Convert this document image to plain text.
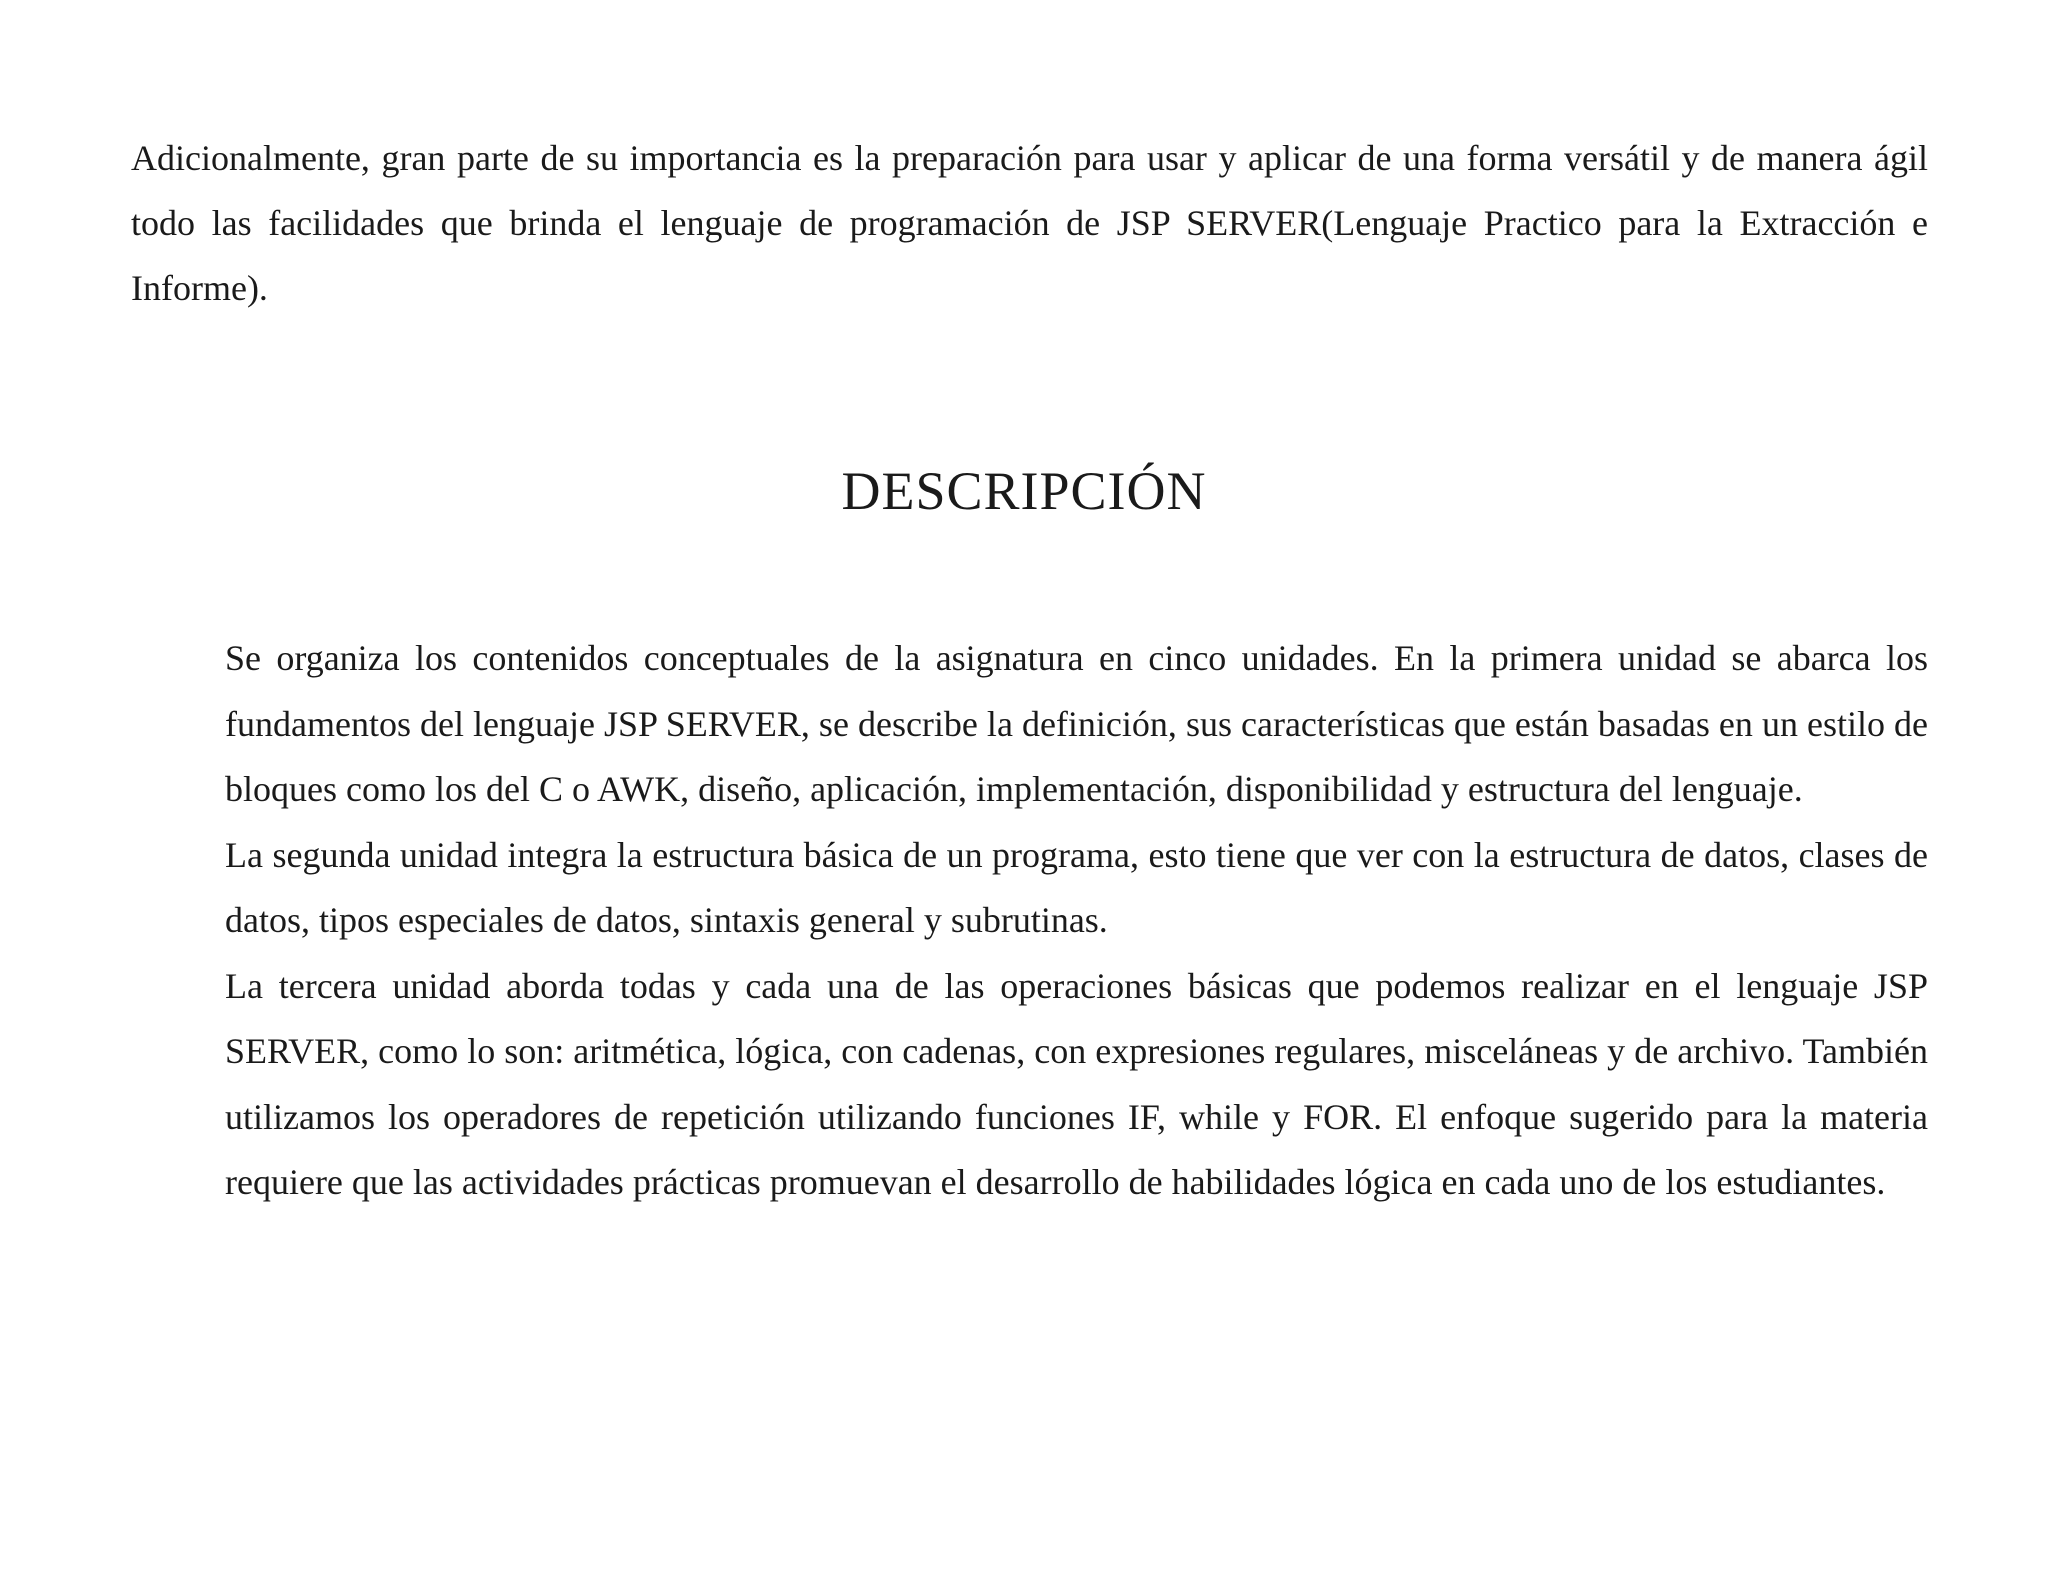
Adicionalmente, gran parte de su importancia es la preparación para usar y aplicar de una forma versátil y de manera ágil todo las facilidades que brinda el lenguaje de programación de JSP SERVER(Lenguaje Practico para la Extracción e Informe).

DESCRIPCIÓN

Se organiza los contenidos conceptuales de la asignatura en cinco unidades. En la primera unidad se abarca los fundamentos del lenguaje JSP SERVER, se describe la definición, sus características que están basadas en un estilo de bloques como los del C o AWK, diseño, aplicación, implementación, disponibilidad y estructura del lenguaje.

La segunda unidad integra la estructura básica de un programa, esto tiene que ver con la estructura de datos, clases de datos, tipos especiales de datos, sintaxis general y subrutinas.

La tercera unidad aborda todas y cada una de las operaciones básicas que podemos realizar en el lenguaje JSP SERVER, como lo son: aritmética, lógica, con cadenas, con expresiones regulares, misceláneas y de archivo. También utilizamos los operadores de repetición utilizando funciones IF, while y FOR. El enfoque sugerido para la materia requiere que las actividades prácticas promuevan el desarrollo de habilidades lógica en cada uno de los estudiantes.
